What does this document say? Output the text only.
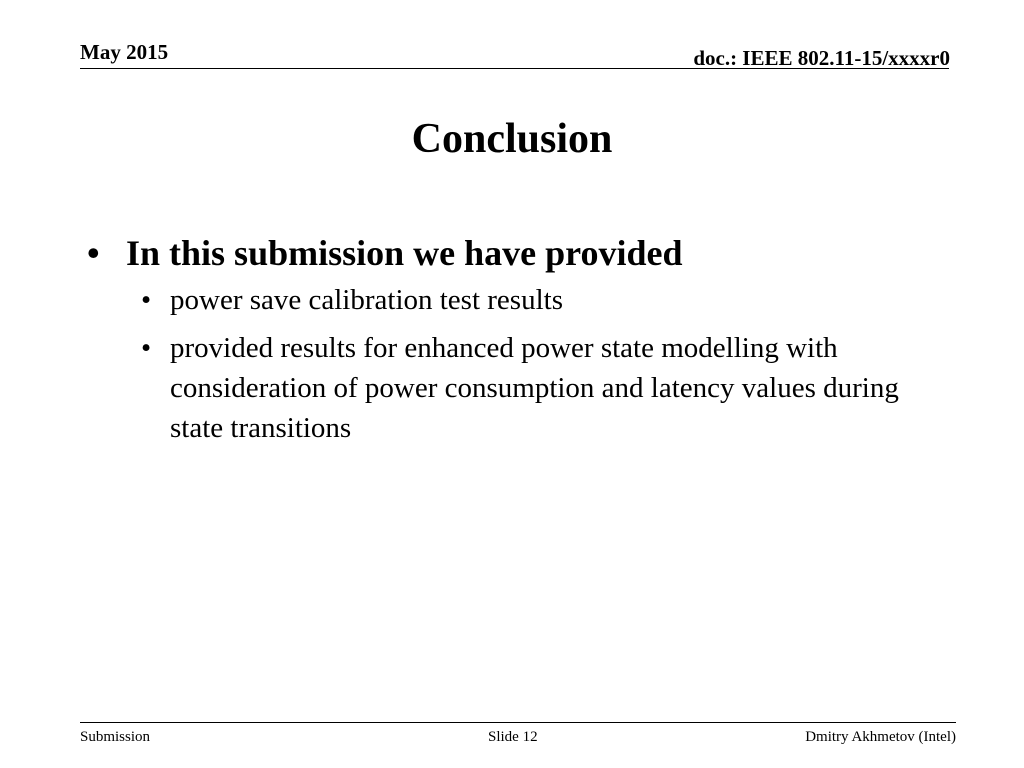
May 2015	doc.: IEEE 802.11-15/xxxxr0
Conclusion
• In this submission we have provided
• power save calibration test results
• provided results for enhanced power state modelling with consideration of power consumption and latency values during state transitions
Submission	Slide 12	Dmitry Akhmetov (Intel)
